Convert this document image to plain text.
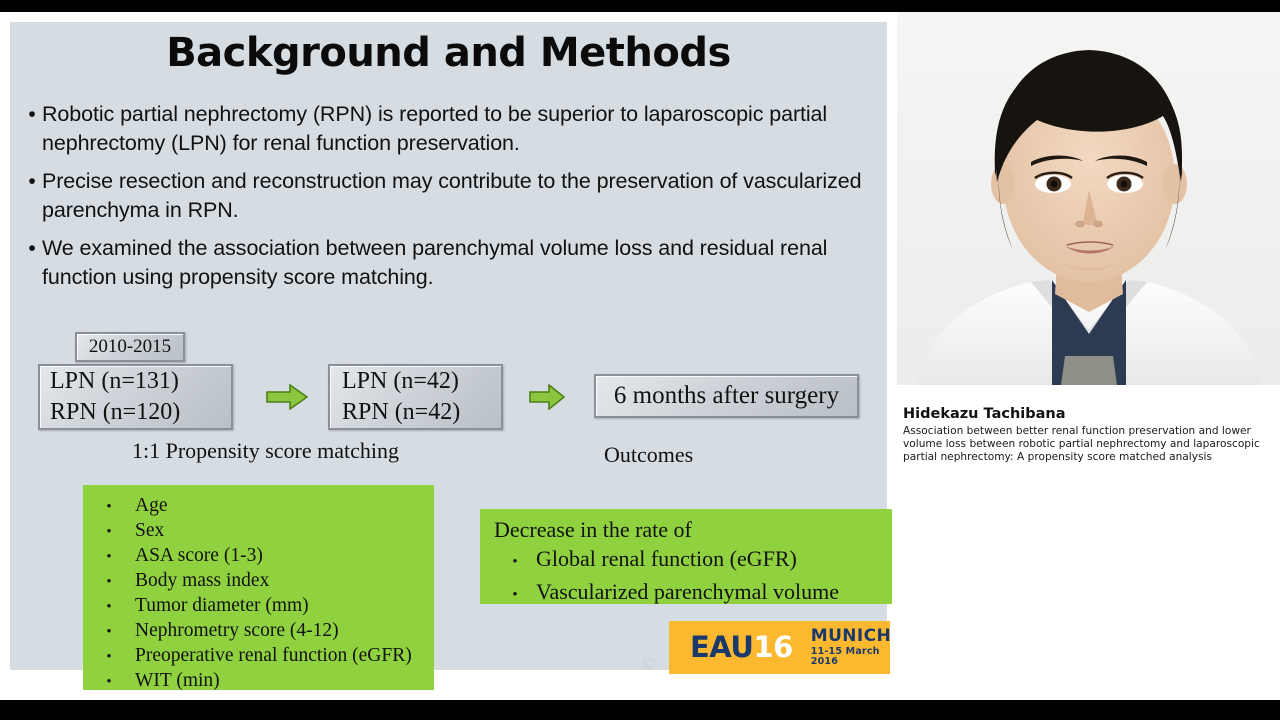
Background and Methods
• Robotic partial nephrectomy (RPN) is reported to be superior to laparoscopic partial nephrectomy (LPN) for renal function preservation.
• Precise resection and reconstruction may contribute to the preservation of vascularized parenchyma in RPN.
• We examined the association between parenchymal volume loss and residual renal function using propensity score matching.
2010-2015
LPN (n=131)
RPN (n=120)
LPN (n=42)
RPN (n=42)
6 months after surgery
1:1 Propensity score matching	Outcomes
•	Age
•	Sex
•	ASA score (1-3)
•	Body mass index
•	Tumor diameter (mm)
•	Nephrometry score (4-12)
•	Preoperative renal function (eGFR)
•	WIT (min)
Decrease in the rate of
• Global renal function (eGFR)
• Vascularized parenchymal volume
© EAU16 MUNICH
11-15 March 2016
Hidekazu Tachibana
Association between better renal function preservation and lower volume loss between robotic partial nephrectomy and laparoscopic partial nephrectomy: A propensity score matched analysis
